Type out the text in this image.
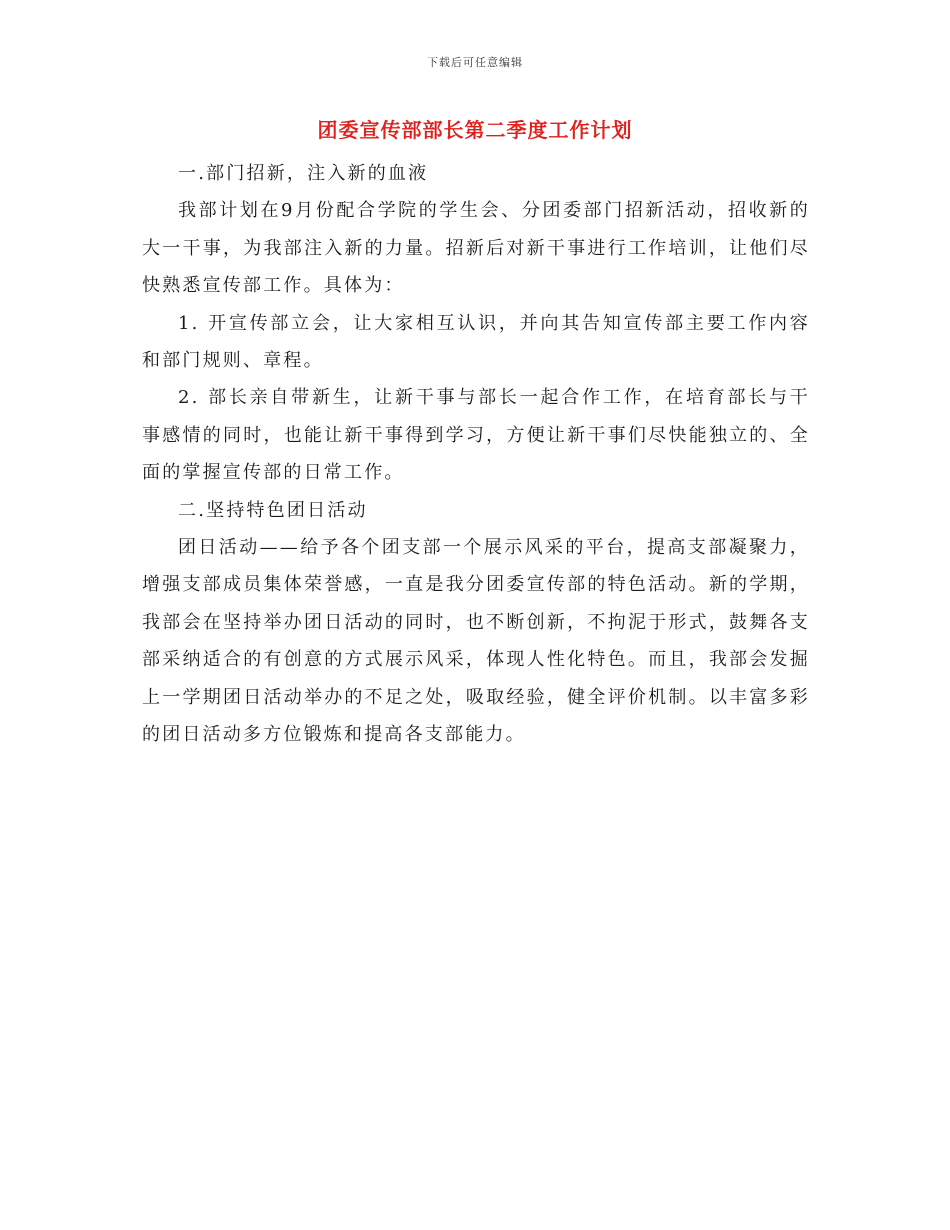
下载后可任意编辑
团委宣传部部长第二季度工作计划

一.部门招新，注入新的血液

我部计划在9月份配合学院的学生会、分团委部门招新活动，招收新的大一干事，为我部注入新的力量。招新后对新干事进行工作培训，让他们尽快熟悉宣传部工作。具体为：

1. 开宣传部立会，让大家相互认识，并向其告知宣传部主要工作内容和部门规则、章程。

2. 部长亲自带新生，让新干事与部长一起合作工作，在培育部长与干事感情的同时，也能让新干事得到学习，方便让新干事们尽快能独立的、全面的掌握宣传部的日常工作。

二.坚持特色团日活动

团日活动——给予各个团支部一个展示风采的平台，提高支部凝聚力，增强支部成员集体荣誉感，一直是我分团委宣传部的特色活动。新的学期，我部会在坚持举办团日活动的同时，也不断创新，不拘泥于形式，鼓舞各支部采纳适合的有创意的方式展示风采，体现人性化特色。而且，我部会发掘上一学期团日活动举办的不足之处，吸取经验，健全评价机制。以丰富多彩的团日活动多方位锻炼和提高各支部能力。
